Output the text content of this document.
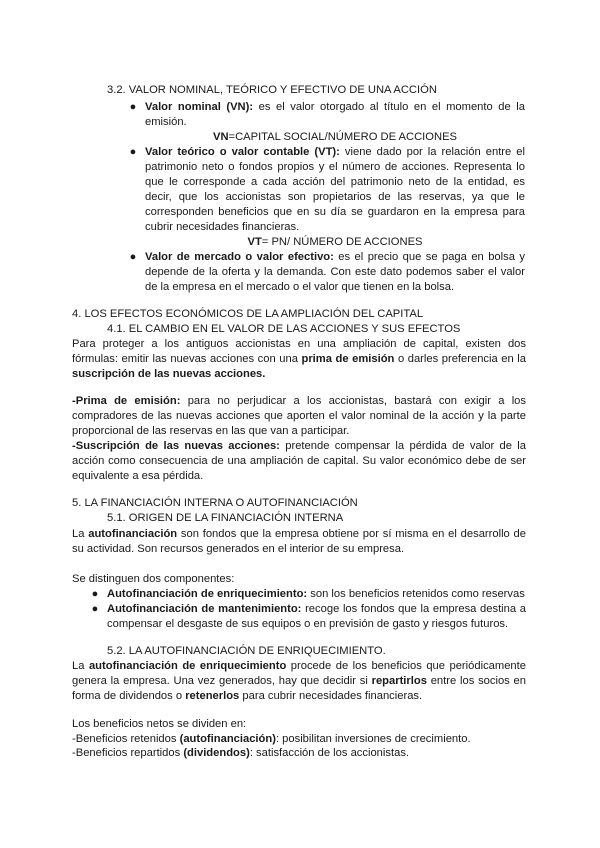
3.2. VALOR NOMINAL, TEÓRICO Y EFECTIVO DE UNA ACCIÓN
● Valor nominal (VN): es el valor otorgado al título en el momento de la emisión.
VN=CAPITAL SOCIAL/NÚMERO DE ACCIONES
● Valor teórico o valor contable (VT): viene dado por la relación entre el patrimonio neto o fondos propios y el número de acciones. Representa lo que le corresponde a cada acción del patrimonio neto de la entidad, es decir, que los accionistas son propietarios de las reservas, ya que le corresponden beneficios que en su día se guardaron en la empresa para cubrir necesidades financieras.
VT= PN/ NÚMERO DE ACCIONES
● Valor de mercado o valor efectivo: es el precio que se paga en bolsa y depende de la oferta y la demanda. Con este dato podemos saber el valor de la empresa en el mercado o el valor que tienen en la bolsa.
4. LOS EFECTOS ECONÓMICOS DE LA AMPLIACIÓN DEL CAPITAL
4.1. EL CAMBIO EN EL VALOR DE LAS ACCIONES Y SUS EFECTOS
Para proteger a los antiguos accionistas en una ampliación de capital, existen dos fórmulas: emitir las nuevas acciones con una prima de emisión o darles preferencia en la suscripción de las nuevas acciones.
-Prima de emisión: para no perjudicar a los accionistas, bastará con exigir a los compradores de las nuevas acciones que aporten el valor nominal de la acción y la parte proporcional de las reservas en las que van a participar.
-Suscripción de las nuevas acciones: pretende compensar la pérdida de valor de la acción como consecuencia de una ampliación de capital. Su valor económico debe de ser equivalente a esa pérdida.
5. LA FINANCIACIÓN INTERNA O AUTOFINANCIACIÓN
5.1. ORIGEN DE LA FINANCIACIÓN INTERNA
La autofinanciación son fondos que la empresa obtiene por sí misma en el desarrollo de su actividad. Son recursos generados en el interior de su empresa.
Se distinguen dos componentes:
● Autofinanciación de enriquecimiento: son los beneficios retenidos como reservas
● Autofinanciación de mantenimiento: recoge los fondos que la empresa destina a compensar el desgaste de sus equipos o en previsión de gasto y riesgos futuros.
5.2. LA AUTOFINANCIACIÓN DE ENRIQUECIMIENTO.
La autofinanciación de enriquecimiento procede de los beneficios que periódicamente genera la empresa. Una vez generados, hay que decidir si repartirlos entre los socios en forma de dividendos o retenerlos para cubrir necesidades financieras.
Los beneficios netos se dividen en:
-Beneficios retenidos (autofinanciación): posibilitan inversiones de crecimiento.
-Beneficios repartidos (dividendos): satisfacción de los accionistas.
